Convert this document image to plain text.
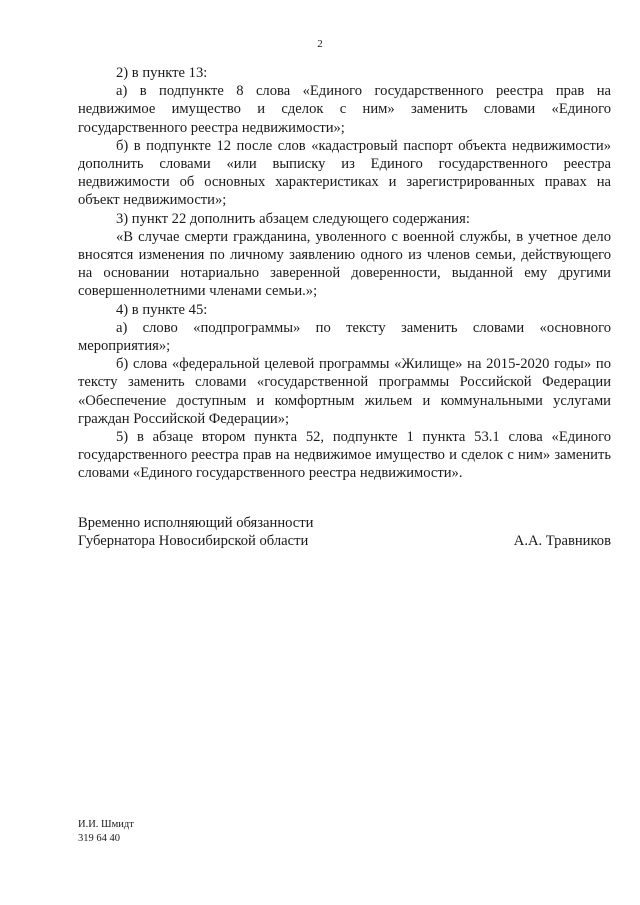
2

2) в пункте 13:

а) в подпункте 8 слова «Единого государственного реестра прав на недвижимое имущество и сделок с ним» заменить словами «Единого государственного реестра недвижимости»;

б) в подпункте 12 после слов «кадастровый паспорт объекта недвижимости» дополнить словами «или выписку из Единого государственного реестра недвижимости об основных характеристиках и зарегистрированных правах на объект недвижимости»;

3) пункт 22 дополнить абзацем следующего содержания:

«В случае смерти гражданина, уволенного с военной службы, в учетное дело вносятся изменения по личному заявлению одного из членов семьи, действующего на основании нотариально заверенной доверенности, выданной ему другими совершеннолетними членами семьи.»;

4) в пункте 45:

а) слово «подпрограммы» по тексту заменить словами «основного мероприятия»;

б) слова «федеральной целевой программы «Жилище» на 2015-2020 годы» по тексту заменить словами «государственной программы Российской Федерации «Обеспечение доступным и комфортным жильем и коммунальными услугами граждан Российской Федерации»;

5) в абзаце втором пункта 52, подпункте 1 пункта 53.1 слова «Единого государственного реестра прав на недвижимое имущество и сделок с ним» заменить словами «Единого государственного реестра недвижимости».

Временно исполняющий обязанности
Губернатора Новосибирской области	А.А. Травников
И.И. Шмидт
319 64 40
